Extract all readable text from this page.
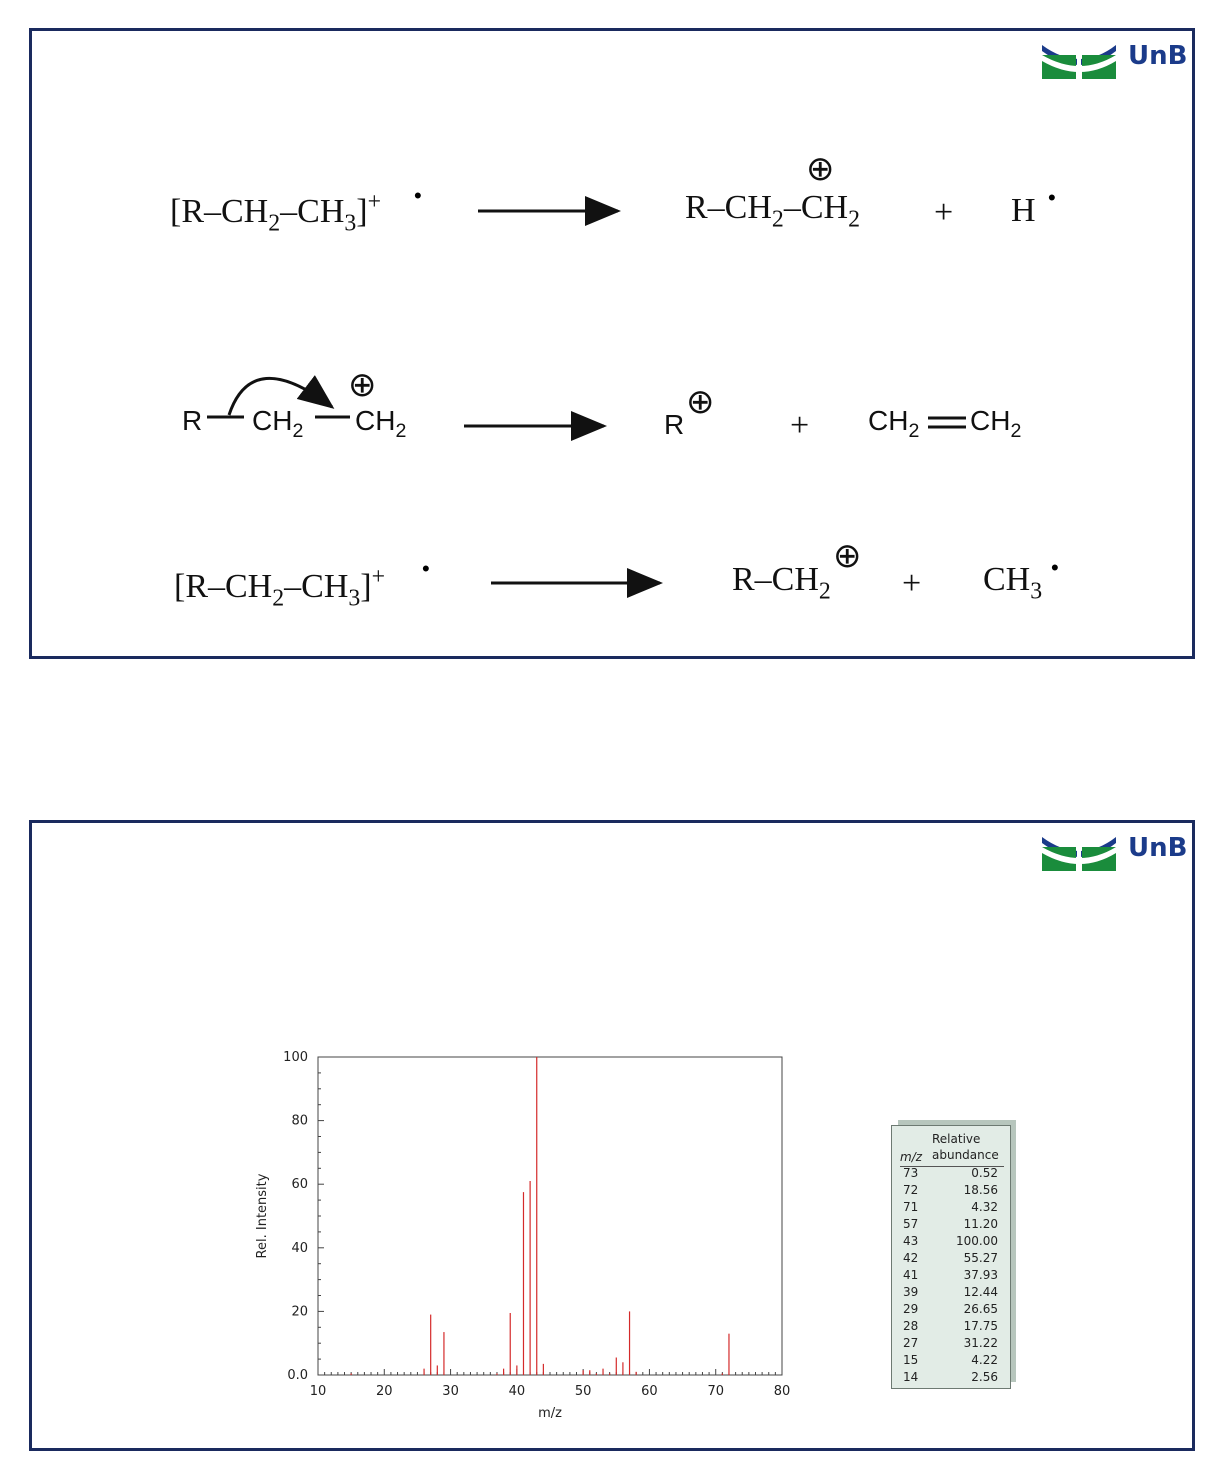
UnB
$[R-CH_2-CH_3]^+$ •	$R-CH_2-CH_2$
⊕
+ H •
R $CH_2$ $CH_2$
⊕
R
⊕
+ $CH_2$ $CH_2$
$[R-CH_2-CH_3]^+$ •	$R-CH_2$
⊕
+ $CH_3$
•
UnB
10	20	30	40	50	60	70	80
0.0
20
40
60
80
100
m/z
Rel. Intensity
Relative
m/z abundance
73	0.52
72	18.56
71	4.32
57	11.20
43	100.00
42	55.27
41	37.93
39	12.44
29	26.65
28	17.75
27	31.22
15	4.22
14	2.56
